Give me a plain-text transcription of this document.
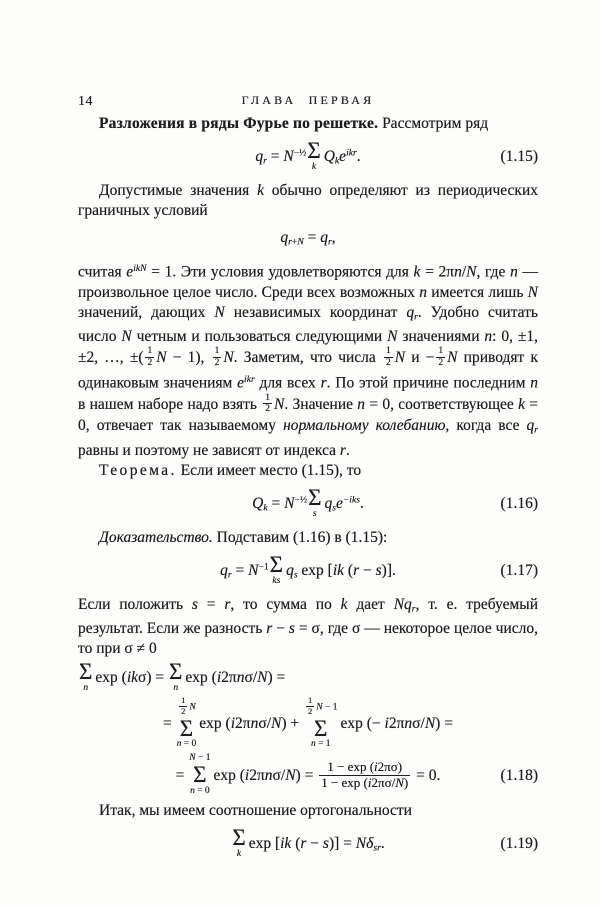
14	ГЛАВА ПЕРВАЯ

Разложения в ряды Фурье по решетке. Рассмотрим ряд

$q_r = N^{-\frac{1}{2}}$ Σ
k
$Q_ke^{ikr}$.	(1.15)

Допустимые значения k обычно определяют из периодических граничных условий

$q_{r+N} = q_r$,

считая $e^{ikN} = 1$. Эти условия удовлетворяются для k = 2πn/N, где n — произвольное целое число. Среди всех возможных n имеется лишь N значений, дающих N независимых координат $q_r$. Удобно считать число N четным и пользоваться следующими N значениями n: 0, ±1, ±2, …, ±( $\frac{1}{2}$ N − 1), $\frac{1}{2} N$. Заметим, что числа $\frac{1}{2}$ N $и - \frac{1}{2}$ N приводят к одинаковым значениям $e^{ikr}$ для всех r. По этой причине последним n в нашем наборе надо взять $\frac{1}{2} N$. Значение n = 0, соответствующее k = 0, отвечает так называемому нормальному колебанию, когда все $q_r$ равны и поэтому не зависят от индекса r.

Теорема. Если имеет место (1.15), то

$Q_k = N^{-\frac{1}{2}}$ Σ
s
$q_se^{-iks}$.	(1.16)

Доказательство. Подставим (1.16) в (1.15):

$q_r = N^{-1}$ Σ
ks
$q_s$ exp [ik (r − s)].	(1.17)

Если положить s = r, то сумма по k дает $Nq_r$, т. е. требуемый результат. Если же разность r − s = σ, где σ — некоторое целое число, то при σ ≠ 0

Σ
n
exp (ikσ) = Σ
n
exp (i2πnσ/N) =
=
$\frac{1}{2}$ N
Σ
n = 0
exp (i2πnσ/N) +
$\frac{1}{2}$ N − 1
Σ
n = 1
exp (− i2πnσ/N) =
=
N − 1
Σ
n = 0
$\exp (i2\pi n\sigma/N) = \frac{1 - \exp (i2\pi\sigma)}{1 - \exp (i2\pi\sigma/N)} = 0$.	(1.18)

Итак, мы имеем соотношение ортогональности

Σ
k
exp [ik $(r - s)] = N\delta_{sr}$.	(1.19)
